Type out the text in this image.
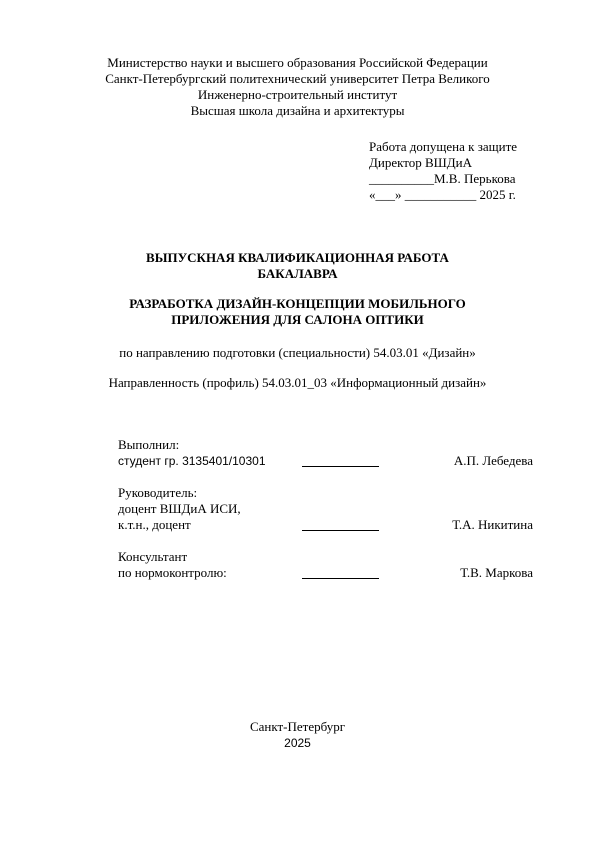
Министерство науки и высшего образования Российской Федерации
Санкт-Петербургский политехнический университет Петра Великого
Инженерно-строительный институт
Высшая школа дизайна и архитектуры
Работа допущена к защите
Директор ВШДиА
__________М.В. Перькова
«___» ___________ 2025 г.
ВЫПУСКНАЯ КВАЛИФИКАЦИОННАЯ РАБОТА
БАКАЛАВРА
РАЗРАБОТКА ДИЗАЙН-КОНЦЕПЦИИ МОБИЛЬНОГО
ПРИЛОЖЕНИЯ ДЛЯ САЛОНА ОПТИКИ
по направлению подготовки (специальности) 54.03.01 «Дизайн»
Направленность (профиль) 54.03.01_03 «Информационный дизайн»
Выполнил:
студент гр. 3135401/10301	А.П. Лебедева
Руководитель:
доцент ВШДиА ИСИ,
к.т.н., доцент	Т.А. Никитина
Консультант
по нормоконтролю:	Т.В. Маркова
Санкт-Петербург
2025
